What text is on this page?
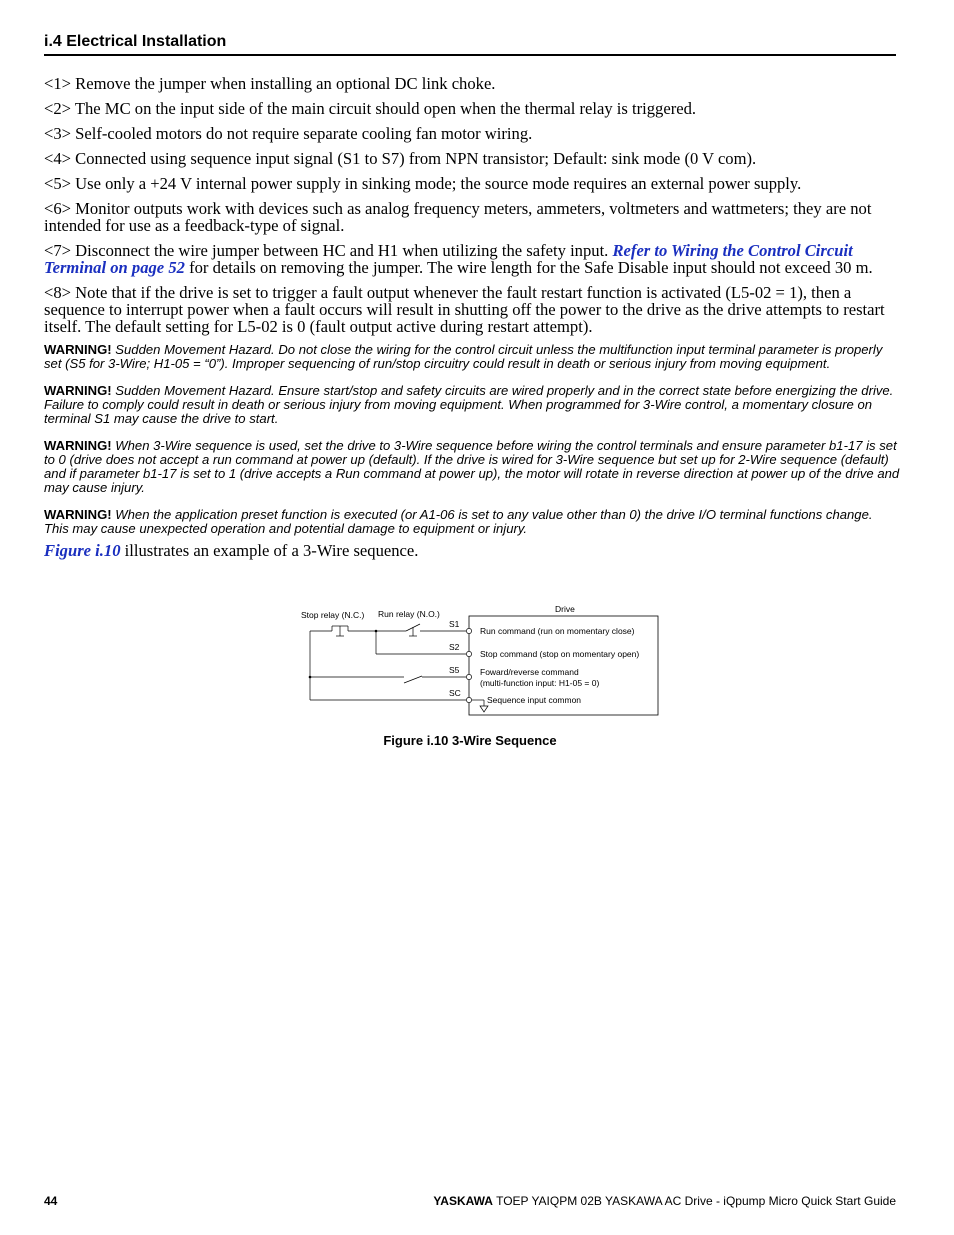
i.4 Electrical Installation

<1> Remove the jumper when installing an optional DC link choke.

<2> The MC on the input side of the main circuit should open when the thermal relay is triggered.

<3> Self-cooled motors do not require separate cooling fan motor wiring.

<4> Connected using sequence input signal (S1 to S7) from NPN transistor; Default: sink mode (0 V com).

<5> Use only a +24 V internal power supply in sinking mode; the source mode requires an external power supply.

<6> Monitor outputs work with devices such as analog frequency meters, ammeters, voltmeters and wattmeters; they are not intended for use as a feedback-type of signal.

<7> Disconnect the wire jumper between HC and H1 when utilizing the safety input. Refer to Wiring the Control Circuit Terminal on page 52 for details on removing the jumper. The wire length for the Safe Disable input should not exceed 30 m.

<8> Note that if the drive is set to trigger a fault output whenever the fault restart function is activated (L5-02 = 1), then a sequence to interrupt power when a fault occurs will result in shutting off the power to the drive as the drive attempts to restart itself. The default setting for L5-02 is 0 (fault output active during restart attempt).

WARNING! Sudden Movement Hazard. Do not close the wiring for the control circuit unless the multifunction input terminal parameter is properly set (S5 for 3-Wire; H1-05 = “0”). Improper sequencing of run/stop circuitry could result in death or serious injury from moving equipment.

WARNING! Sudden Movement Hazard. Ensure start/stop and safety circuits are wired properly and in the correct state before energizing the drive. Failure to comply could result in death or serious injury from moving equipment. When programmed for 3-Wire control, a momentary closure on terminal S1 may cause the drive to start.

WARNING! When 3-Wire sequence is used, set the drive to 3-Wire sequence before wiring the control terminals and ensure parameter b1-17 is set to 0 (drive does not accept a run command at power up (default). If the drive is wired for 3-Wire sequence but set up for 2-Wire sequence (default) and if parameter b1-17 is set to 1 (drive accepts a Run command at power up), the motor will rotate in reverse direction at power up of the drive and may cause injury.

WARNING! When the application preset function is executed (or A1-06 is set to any value other than 0) the drive I/O terminal functions change. This may cause unexpected operation and potential damage to equipment or injury.

Figure i.10 illustrates an example of a 3-Wire sequence.

Drive
Stop relay (N.C.) Run relay (N.O.)
S1
S2
S5
SC
Run command (run on momentary close)
Stop command (stop on momentary open)
Foward/reverse command
(multi-function input: H1-05 = 0)
Sequence input common
Figure i.10 3-Wire Sequence
44	YASKAWA TOEP YAIQPM 02B YASKAWA AC Drive - iQpump Micro Quick Start Guide
